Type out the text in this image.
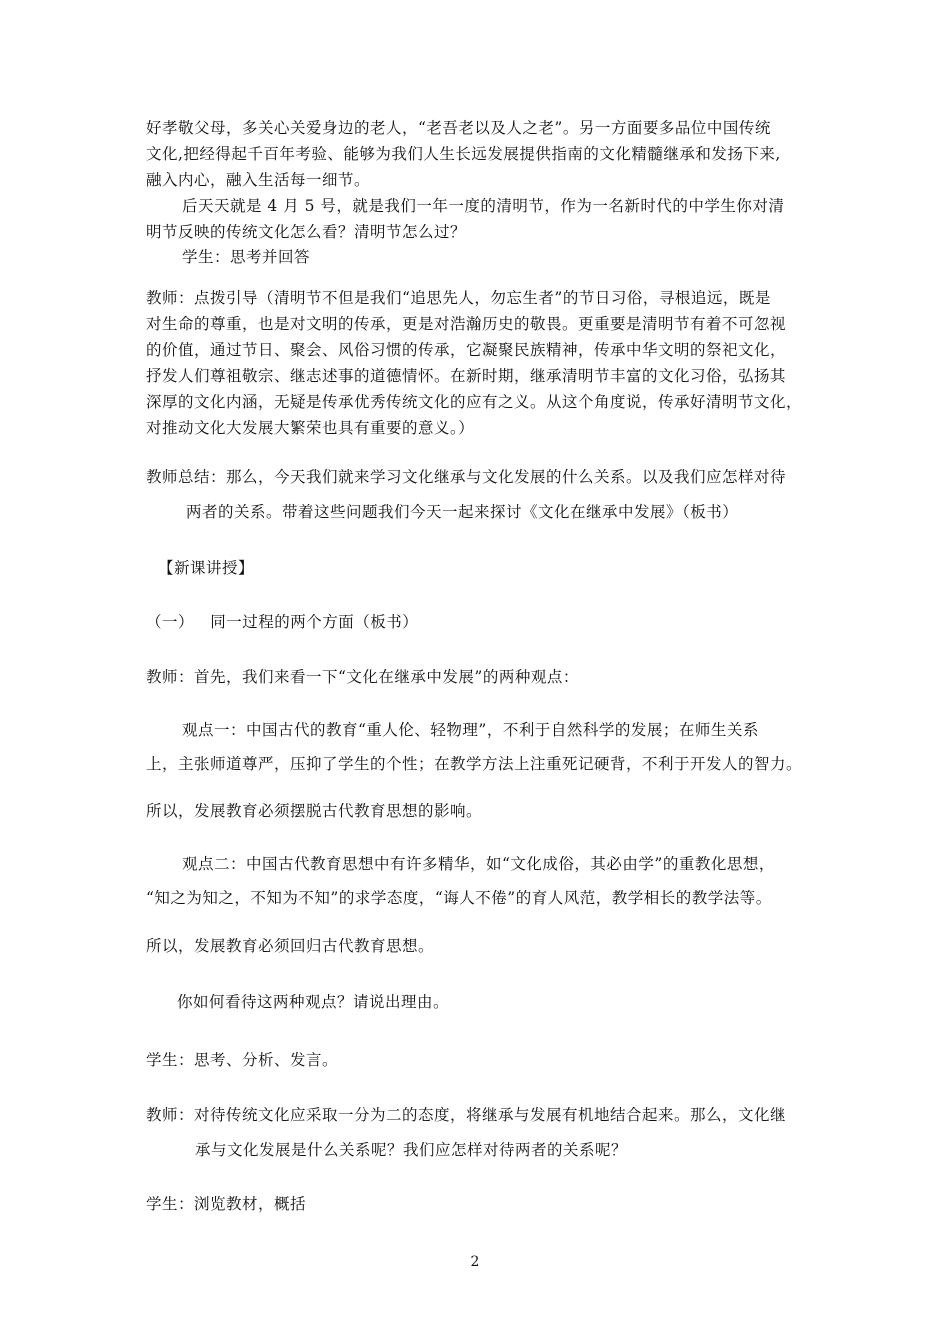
好孝敬父母，多关心关爱身边的老人，“老吾老以及人之老”。另一方面要多品位中国传统
文化,把经得起千百年考验、能够为我们人生长远发展提供指南的文化精髓继承和发扬下来,
融入内心，融入生活每一细节。
后天天就是 4 月 5 号，就是我们一年一度的清明节，作为一名新时代的中学生你对清
明节反映的传统文化怎么看？清明节怎么过？
学生：思考并回答
教师：点拨引导（清明节不但是我们“追思先人，勿忘生者”的节日习俗，寻根追远，既是
对生命的尊重，也是对文明的传承，更是对浩瀚历史的敬畏。更重要是清明节有着不可忽视
的价值，通过节日、聚会、风俗习惯的传承，它凝聚民族精神，传承中华文明的祭祀文化，
抒发人们尊祖敬宗、继志述事的道德情怀。在新时期，继承清明节丰富的文化习俗，弘扬其
深厚的文化内涵，无疑是传承优秀传统文化的应有之义。从这个角度说，传承好清明节文化，
对推动文化大发展大繁荣也具有重要的意义。）
教师总结：那么，今天我们就来学习文化继承与文化发展的什么关系。以及我们应怎样对待
两者的关系。带着这些问题我们今天一起来探讨《文化在继承中发展》（板书）
【新课讲授】
（一）   同一过程的两个方面（板书）
教师：首先，我们来看一下“文化在继承中发展”的两种观点：
观点一：中国古代的教育“重人伦、轻物理”，不利于自然科学的发展；在师生关系
上，主张师道尊严，压抑了学生的个性；在教学方法上注重死记硬背，不利于开发人的智力。
所以，发展教育必须摆脱古代教育思想的影响。
观点二：中国古代教育思想中有许多精华，如“文化成俗，其必由学”的重教化思想，
“知之为知之，不知为不知”的求学态度，“诲人不倦”的育人风范，教学相长的教学法等。
所以，发展教育必须回归古代教育思想。
你如何看待这两种观点？请说出理由。
学生：思考、分析、发言。
教师：对待传统文化应采取一分为二的态度，将继承与发展有机地结合起来。那么，文化继
承与文化发展是什么关系呢？我们应怎样对待两者的关系呢？
学生：浏览教材，概括
2
